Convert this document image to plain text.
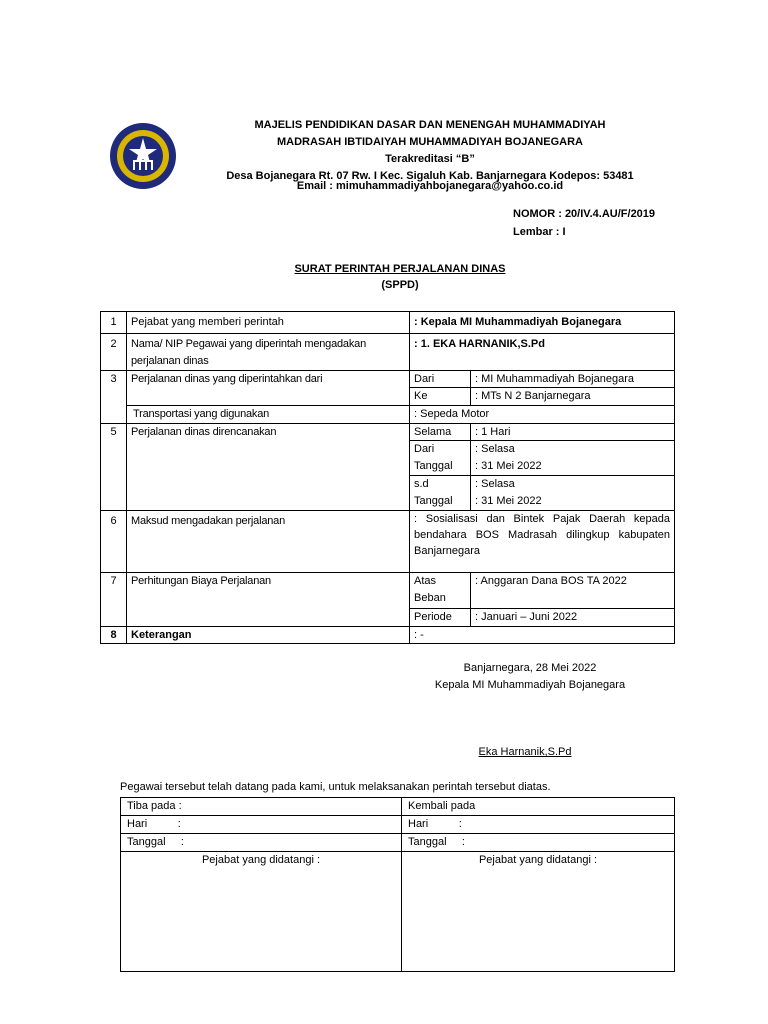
MAJELIS PENDIDIKAN DASAR DAN MENENGAH MUHAMMADIYAH
MADRASAH IBTIDAIYAH MUHAMMADIYAH BOJANEGARA
Terakreditasi “B”
Desa Bojanegara Rt. 07 Rw. I Kec. Sigaluh Kab. Banjarnegara Kodepos: 53481
Email : mimuhammadiyahbojanegara@yahoo.co.id
NOMOR : 20/IV.4.AU/F/2019
Lembar : I
SURAT PERINTAH PERJALANAN DINAS
(SPPD)
1	Pejabat yang memberi perintah	: Kepala MI Muhammadiyah Bojanegara	
2	Nama/ NIP Pegawai yang diperintah mengadakan perjalanan dinas	: 1. EKA HARNANIK,S.Pd	
3	Perjalanan dinas yang diperintahkan dari	Dari	: MI Muhammadiyah Bojanegara
		Ke	: MTs N 2 Banjarnegara
	Transportasi yang digunakan	: Sepeda Motor	
5	Perjalanan dinas direncanakan	Selama	: 1 Hari
		Dari	: Selasa
		Tanggal	: 31 Mei 2022
		s.d	: Selasa
		Tanggal	: 31 Mei 2022
6	Maksud mengadakan perjalanan	: Sosialisasi dan Bintek Pajak Daerah kepada bendahara BOS Madrasah dilingkup kabupaten Banjarnegara	
7	Perhitungan Biaya Perjalanan	Atas Beban	: Anggaran Dana BOS TA 2022
		Periode	: Januari – Juni 2022
8	Keterangan	: -	
Banjarnegara, 28 Mei 2022
Kepala MI Muhammadiyah Bojanegara
Eka Harnanik,S.Pd
Pegawai tersebut telah datang pada kami, untuk melaksanakan perintah tersebut diatas.
Tiba pada :	Kembali pada
Hari          :	Hari          :
Tanggal     :	Tanggal     :
Pejabat yang didatangi :	Pejabat yang didatangi :
